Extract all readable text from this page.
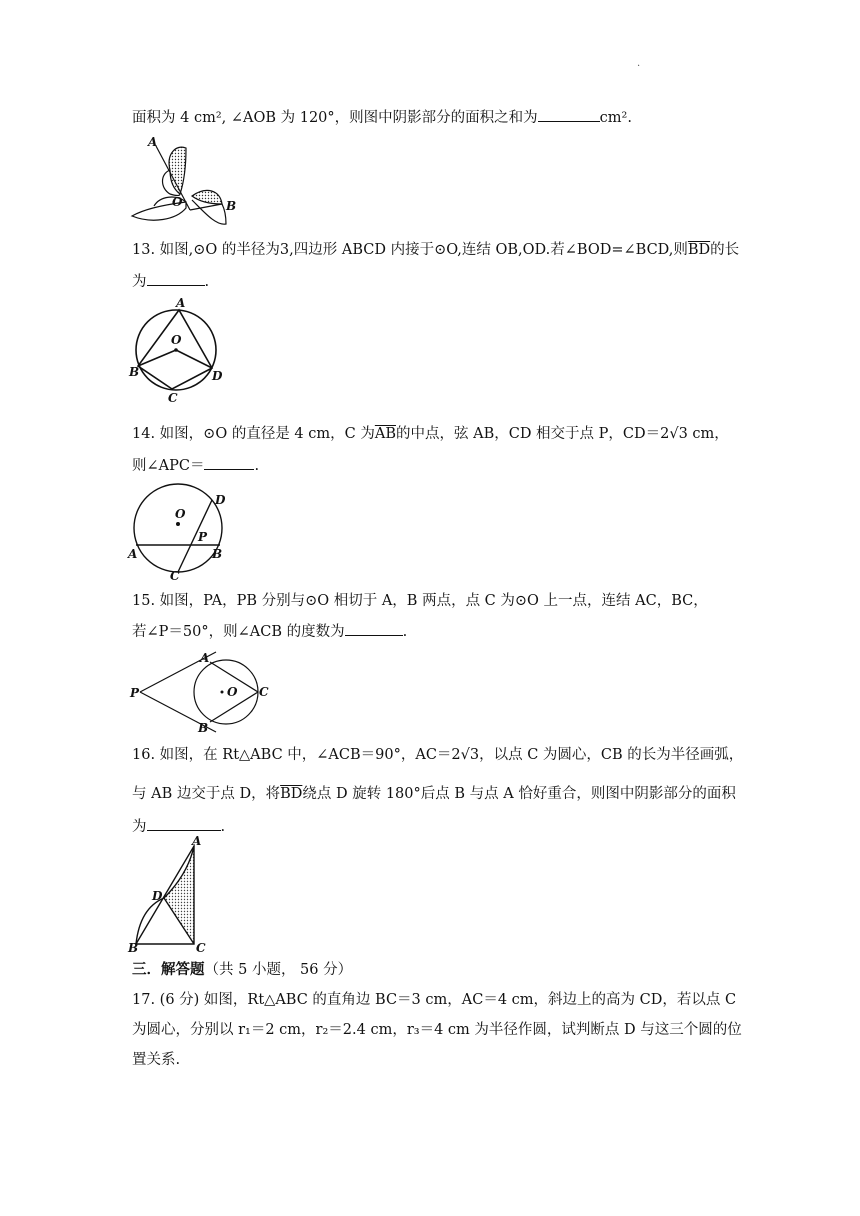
.
面积为 4 cm², ∠AOB 为 120°，则图中阴影部分的面积之和为	cm².
A
O	B
13. 如图,⊙O 的半径为3,四边形 ABCD 内接于⊙O,连结 OB,OD.若∠BOD=∠BCD,则$\overline{BD}$的长
为	.
A
O
B
C
D
14. 如图，⊙O 的直径是 4 cm，C 为$\overline{AB}$的中点，弦 AB，CD 相交于点 P，CD＝2√3 cm，
则∠APC＝	.
A	B
C
D
O
P
15. 如图，PA，PB 分别与⊙O 相切于 A，B 两点，点 C 为⊙O 上一点，连结 AC，BC，
若∠P＝50°，则∠ACB 的度数为	.
P
A
B
O C
16. 如图，在 Rt△ABC 中，∠ACB＝90°，AC＝2√3，以点 C 为圆心，CB 的长为半径画弧，
与 AB 边交于点 D，将$\overline{BD}$绕点 D 旋转 180°后点 B 与点 A 恰好重合，则图中阴影部分的面积
为	.
A
D
B	C
三．解答题（共 5 小题， 56 分）
17. (6 分) 如图，Rt△ABC 的直角边 BC＝3 cm，AC＝4 cm，斜边上的高为 CD，若以点 C
为圆心，分别以 r₁＝2 cm，r₂＝2.4 cm，r₃＝4 cm 为半径作圆，试判断点 D 与这三个圆的位
置关系.
